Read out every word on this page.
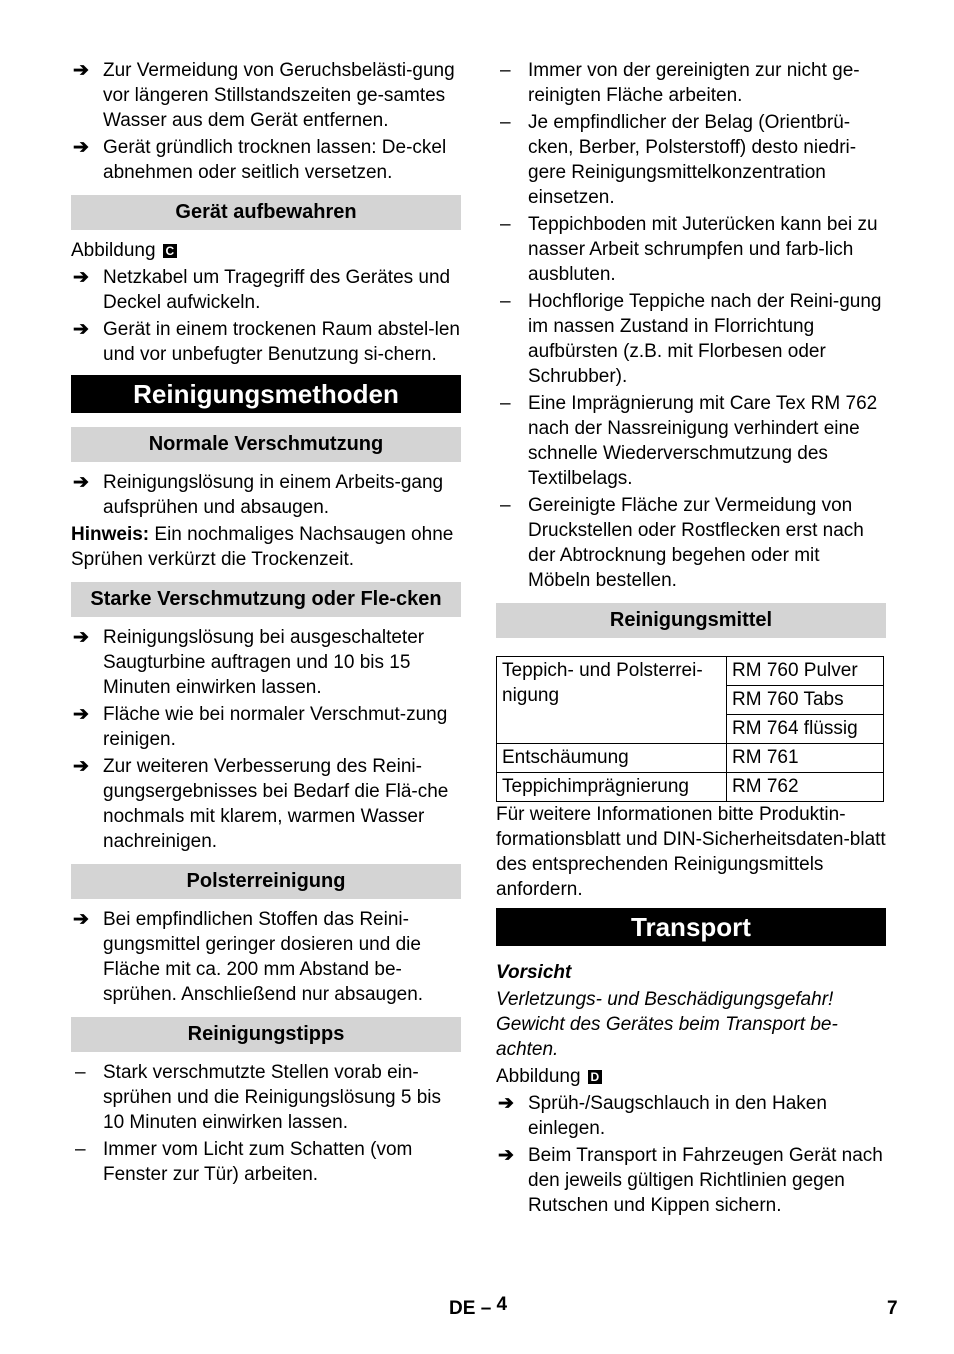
➔ Zur Vermeidung von Geruchsbelästi-gung vor längeren Stillstandszeiten ge-samtes Wasser aus dem Gerät entfernen.
➔ Gerät gründlich trocknen lassen: De-ckel abnehmen oder seitlich versetzen.
Gerät aufbewahren
Abbildung C
➔ Netzkabel um Tragegriff des Gerätes und Deckel aufwickeln.
➔ Gerät in einem trockenen Raum abstel-len und vor unbefugter Benutzung si-chern.
Reinigungsmethoden
Normale Verschmutzung
➔ Reinigungslösung in einem Arbeits-gang aufsprühen und absaugen.
Hinweis: Ein nochmaliges Nachsaugen ohne Sprühen verkürzt die Trockenzeit.
Starke Verschmutzung oder Fle-cken
➔ Reinigungslösung bei ausgeschalteter Saugturbine auftragen und 10 bis 15 Minuten einwirken lassen.
➔ Fläche wie bei normaler Verschmut-zung reinigen.
➔ Zur weiteren Verbesserung des Reini-gungsergebnisses bei Bedarf die Flä-che nochmals mit klarem, warmen Wasser nachreinigen.
Polsterreinigung
➔ Bei empfindlichen Stoffen das Reini-gungsmittel geringer dosieren und die Fläche mit ca. 200 mm Abstand be-sprühen. Anschließend nur absaugen.
Reinigungstipps
– Stark verschmutzte Stellen vorab ein-sprühen und die Reinigungslösung 5 bis 10 Minuten einwirken lassen.
– Immer vom Licht zum Schatten (vom Fenster zur Tür) arbeiten.
– Immer von der gereinigten zur nicht ge-reinigten Fläche arbeiten.
– Je empfindlicher der Belag (Orientbrü-cken, Berber, Polsterstoff) desto niedri-gere Reinigungsmittelkonzentration einsetzen.
– Teppichboden mit Juterücken kann bei zu nasser Arbeit schrumpfen und farb-lich ausbluten.
– Hochflorige Teppiche nach der Reini-gung im nassen Zustand in Florrichtung aufbürsten (z.B. mit Florbesen oder Schrubber).
– Eine Imprägnierung mit Care Tex RM 762 nach der Nassreinigung verhindert eine schnelle Wiederverschmutzung des Textilbelags.
– Gereinigte Fläche zur Vermeidung von Druckstellen oder Rostflecken erst nach der Abtrocknung begehen oder mit Möbeln bestellen.
Reinigungsmittel
Teppich- und Polsterrei-nigung	RM 760 Pulver
	RM 760 Tabs
	RM 764 flüssig
Entschäumung	RM 761
Teppichimprägnierung	RM 762
Für weitere Informationen bitte Produktin-formationsblatt und DIN-Sicherheitsdaten-blatt des entsprechenden Reinigungsmittels anfordern.
Transport
Vorsicht
Verletzungs- und Beschädigungsgefahr! Gewicht des Gerätes beim Transport be-achten.
Abbildung D
➔ Sprüh-/Saugschlauch in den Haken einlegen.
➔ Beim Transport in Fahrzeugen Gerät nach den jeweils gültigen Richtlinien gegen Rutschen und Kippen sichern.
DE – 4	7
